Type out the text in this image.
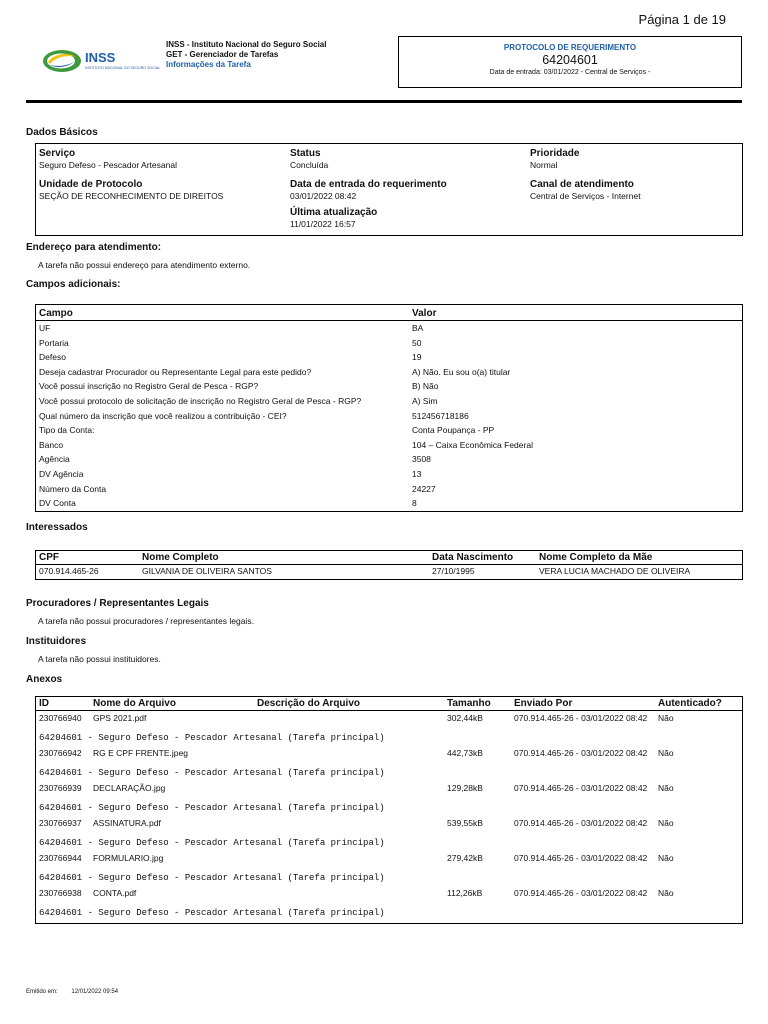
Página 1 de 19
INSS
INSTITUTO NACIONAL DO SEGURO SOCIAL
INSS - Instituto Nacional do Seguro Social
GET - Gerenciador de Tarefas
Informações da Tarefa
PROTOCOLO DE REQUERIMENTO
64204601
Data de entrada: 03/01/2022 - Central de Serviços -
Dados Básicos
Serviço
Seguro Defeso - Pescador Artesanal
Status
Concluída
Prioridade
Normal
Unidade de Protocolo
SEÇÃO DE RECONHECIMENTO DE DIREITOS
Data de entrada do requerimento
03/01/2022 08:42
Canal de atendimento
Central de Serviços - Internet
Última atualização
11/01/2022 16:57
Endereço para atendimento:
A tarefa não possui endereço para atendimento externo.
Campos adicionais:
Campo	Valor
UF	BA
Portaria	50
Defeso	19
Deseja cadastrar Procurador ou Representante Legal para este pedido?	A) Não. Eu sou o(a) titular
Você possui inscrição no Registro Geral de Pesca - RGP?	B) Não
Você possui protocolo de solicitação de inscrição no Registro Geral de Pesca - RGP?	A) Sim
Qual número da inscrição que você realizou a contribuição - CEI?	512456718186
Tipo da Conta:	Conta Poupança - PP
Banco	104 – Caixa Econômica Federal
Agência	3508
DV Agência	13
Número da Conta	24227
DV Conta	8
Interessados
CPF	Nome Completo	Data Nascimento	Nome Completo da Mãe
070.914.465-26	GILVANIA DE OLIVEIRA SANTOS	27/10/1995	VERA LUCIA MACHADO DE OLIVEIRA
Procuradores / Representantes Legais
A tarefa não possui procuradores / representantes legais.
Instituidores
A tarefa não possui instituidores.
Anexos
ID	Nome do Arquivo	Descrição do Arquivo	Tamanho Enviado Por	Autenticado?
230766940 GPS 2021.pdf	302,44kB	070.914.465-26 - 03/01/2022 08:42 Não
64204601 - Seguro Defeso - Pescador Artesanal (Tarefa principal)
230766942 RG E CPF FRENTE.jpeg	442,73kB	070.914.465-26 - 03/01/2022 08:42 Não
64204601 - Seguro Defeso - Pescador Artesanal (Tarefa principal)
230766939 DECLARAÇÃO.jpg	129,28kB	070.914.465-26 - 03/01/2022 08:42 Não
64204601 - Seguro Defeso - Pescador Artesanal (Tarefa principal)
230766937 ASSINATURA.pdf	539,55kB	070.914.465-26 - 03/01/2022 08:42 Não
64204601 - Seguro Defeso - Pescador Artesanal (Tarefa principal)
230766944 FORMULARIO.jpg	279,42kB	070.914.465-26 - 03/01/2022 08:42 Não
64204601 - Seguro Defeso - Pescador Artesanal (Tarefa principal)
230766938 CONTA.pdf	112,26kB	070.914.465-26 - 03/01/2022 08:42 Não
64204601 - Seguro Defeso - Pescador Artesanal (Tarefa principal)
Emitido em: 12/01/2022 09:54
